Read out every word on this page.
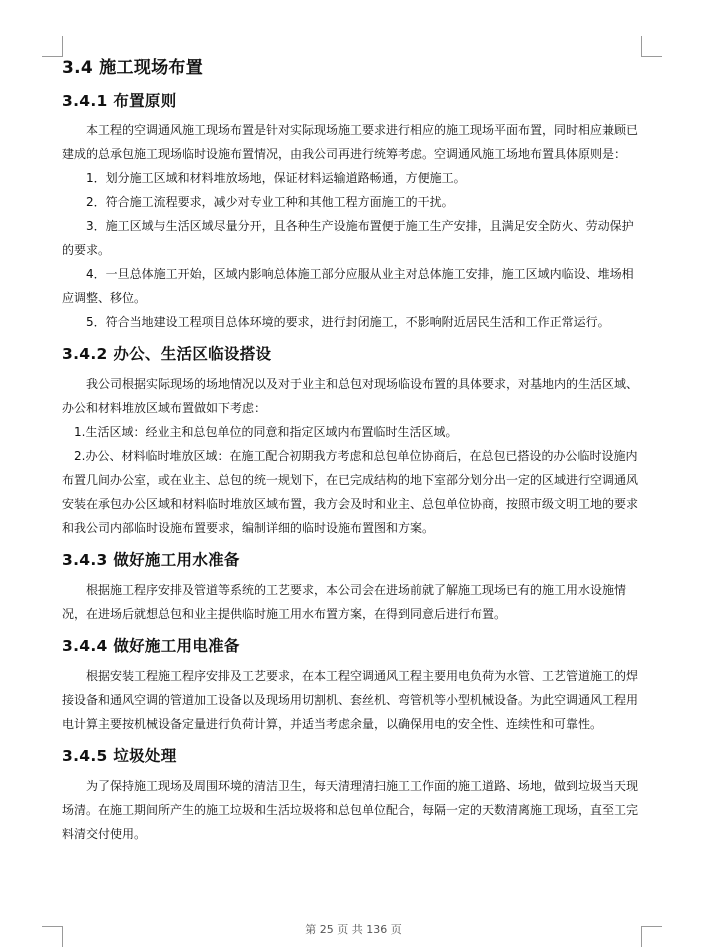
3.4 施工现场布置
3.4.1 布置原则

本工程的空调通风施工现场布置是针对实际现场施工要求进行相应的施工现场平面布置，同时相应兼顾已建成的总承包施工现场临时设施布置情况，由我公司再进行统筹考虑。空调通风施工场地布置具体原则是：

1．划分施工区域和材料堆放场地，保证材料运输道路畅通，方便施工。

2．符合施工流程要求，减少对专业工种和其他工程方面施工的干扰。

3．施工区域与生活区域尽量分开，且各种生产设施布置便于施工生产安排，且满足安全防火、劳动保护的要求。

4．一旦总体施工开始，区域内影响总体施工部分应服从业主对总体施工安排，施工区域内临设、堆场相应调整、移位。

5．符合当地建设工程项目总体环境的要求，进行封闭施工，不影响附近居民生活和工作正常运行。

3.4.2 办公、生活区临设搭设

我公司根据实际现场的场地情况以及对于业主和总包对现场临设布置的具体要求，对基地内的生活区域、办公和材料堆放区域布置做如下考虑：

1.生活区域：经业主和总包单位的同意和指定区域内布置临时生活区域。

2.办公、材料临时堆放区域：在施工配合初期我方考虑和总包单位协商后，在总包已搭设的办公临时设施内布置几间办公室，或在业主、总包的统一规划下，在已完成结构的地下室部分划分出一定的区域进行空调通风安装在承包办公区域和材料临时堆放区域布置，我方会及时和业主、总包单位协商，按照市级文明工地的要求和我公司内部临时设施布置要求，编制详细的临时设施布置图和方案。

3.4.3 做好施工用水准备

根据施工程序安排及管道等系统的工艺要求，本公司会在进场前就了解施工现场已有的施工用水设施情况，在进场后就想总包和业主提供临时施工用水布置方案，在得到同意后进行布置。

3.4.4 做好施工用电准备

根据安装工程施工程序安排及工艺要求，在本工程空调通风工程主要用电负荷为水管、工艺管道施工的焊接设备和通风空调的管道加工设备以及现场用切割机、套丝机、弯管机等小型机械设备。为此空调通风工程用电计算主要按机械设备定量进行负荷计算，并适当考虑余量，以确保用电的安全性、连续性和可靠性。

3.4.5 垃圾处理

为了保持施工现场及周围环境的清洁卫生，每天清理清扫施工工作面的施工道路、场地，做到垃圾当天现场清。在施工期间所产生的施工垃圾和生活垃圾将和总包单位配合，每隔一定的天数清离施工现场，直至工完料清交付使用。

第 25 页 共 136 页
